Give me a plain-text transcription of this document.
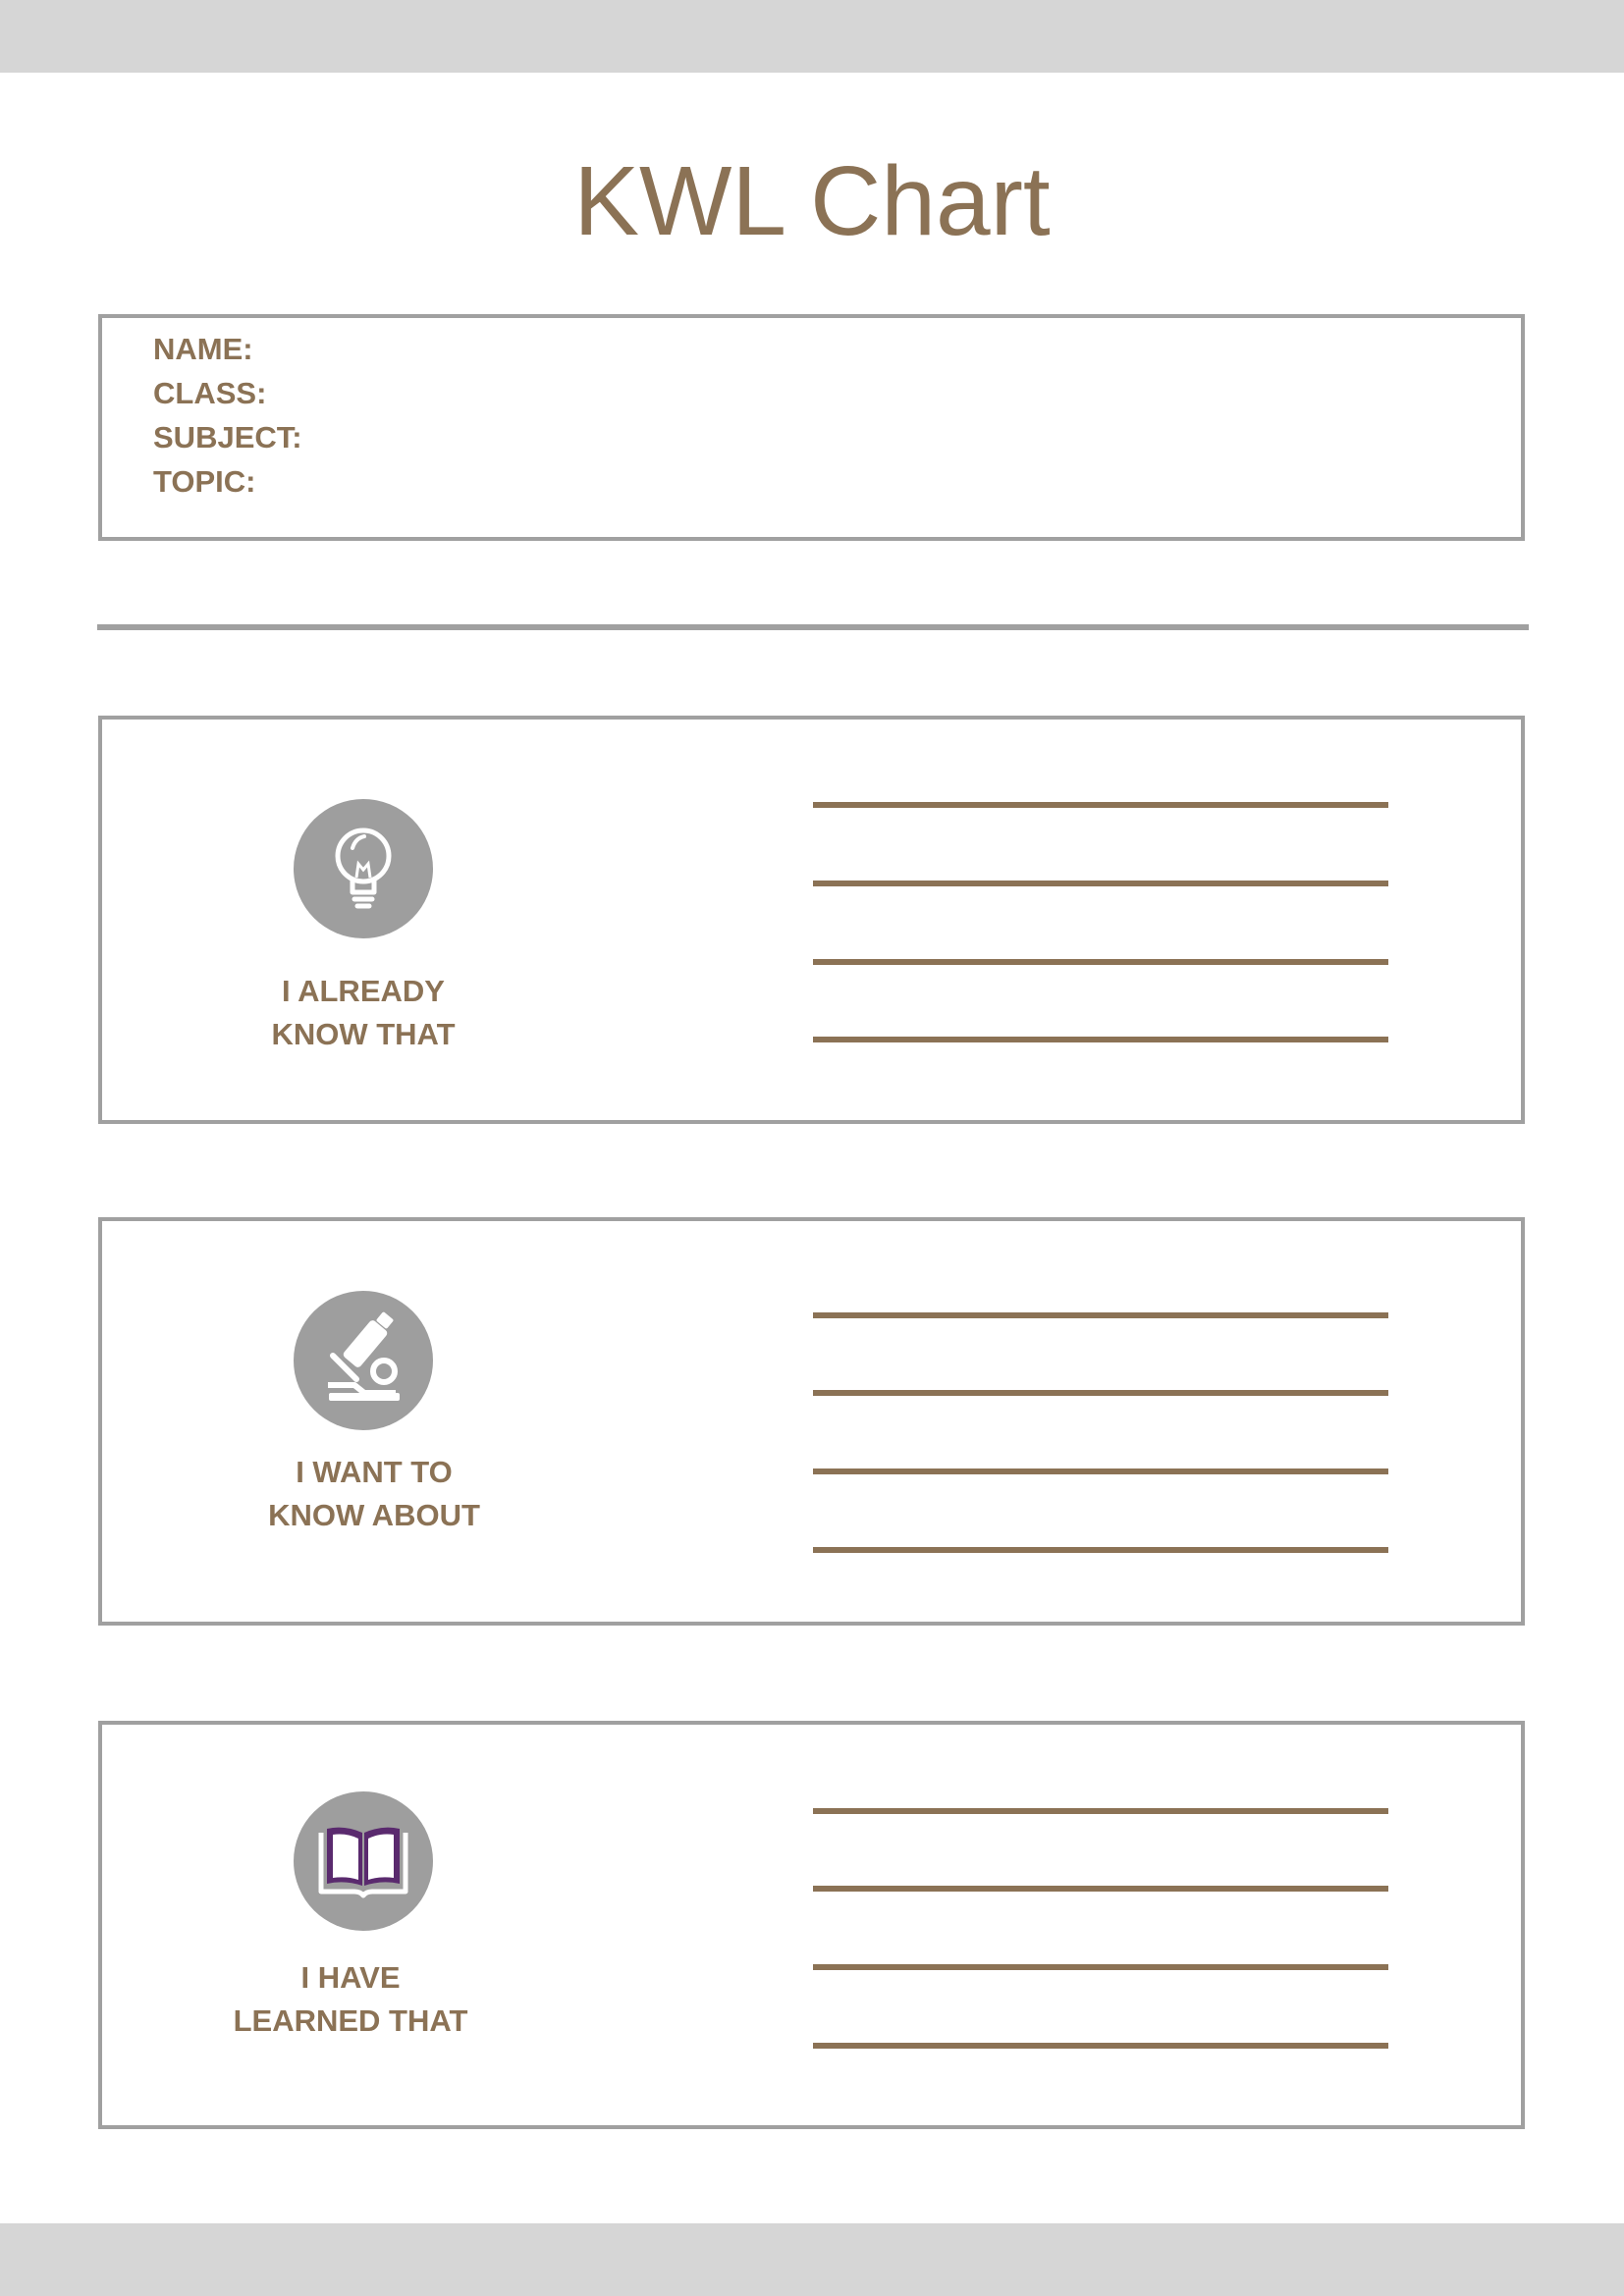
KWL Chart
NAME:
CLASS:
SUBJECT:
TOPIC:
I ALREADY
KNOW THAT
I WANT TO
KNOW ABOUT
I HAVE
LEARNED THAT
